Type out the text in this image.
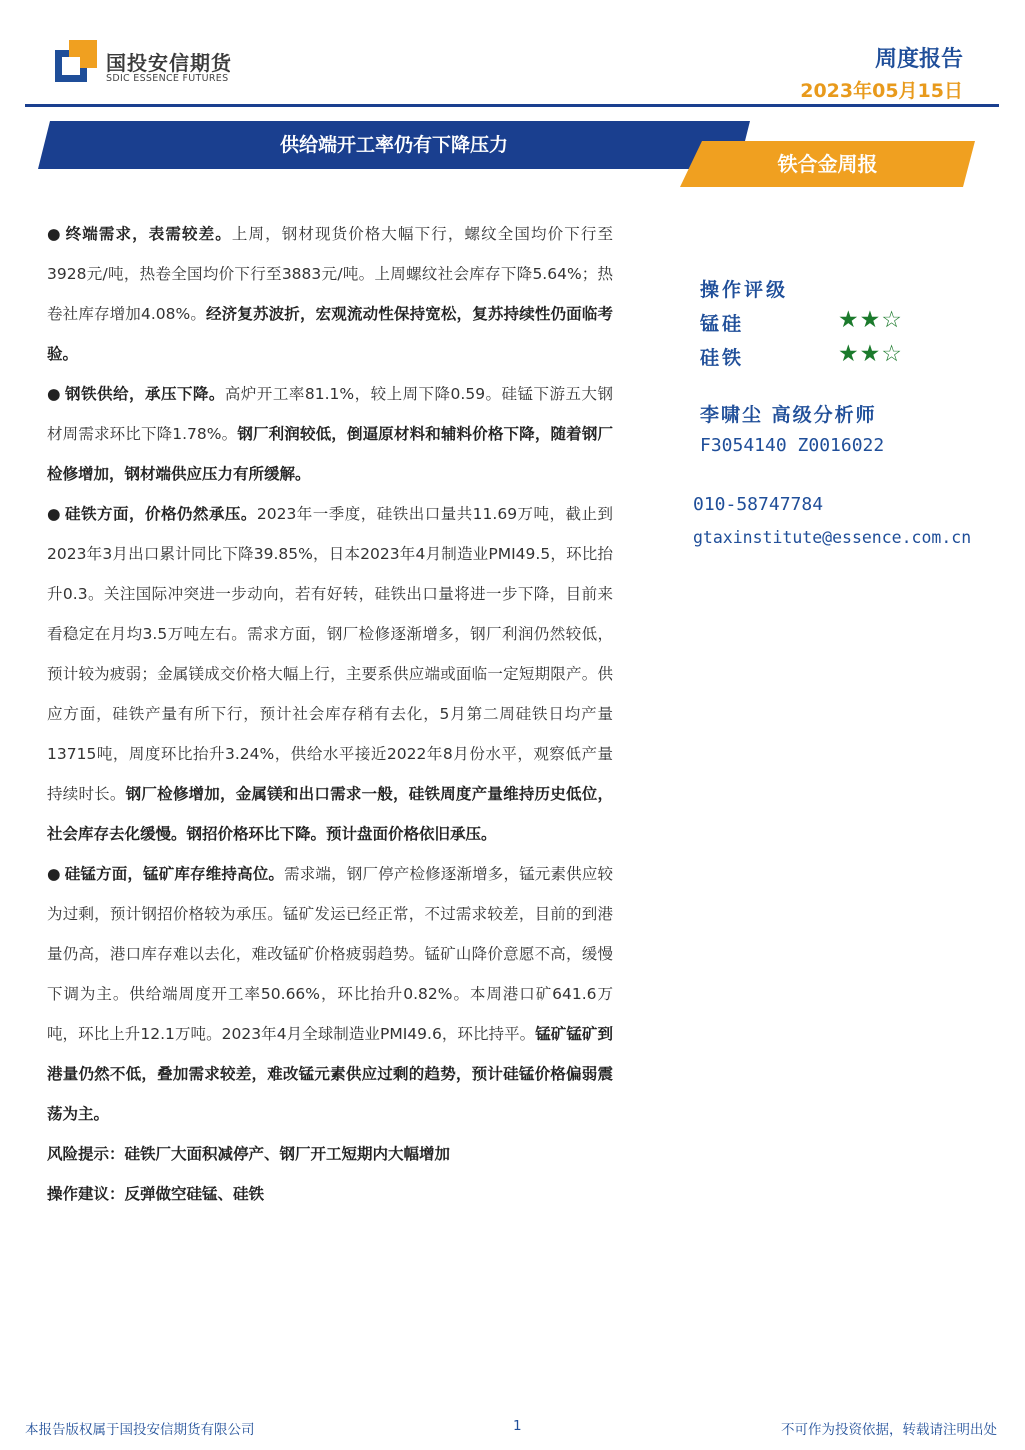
国投安信期货
SDIC ESSENCE FUTURES
周度报告
2023年05月15日
供给端开工率仍有下降压力
铁合金周报

● 终端需求，表需较差。上周，钢材现货价格大幅下行，螺纹全国均价下行至3928元/吨，热卷全国均价下行至3883元/吨。上周螺纹社会库存下降5.64%；热卷社库存增加4.08%。经济复苏波折，宏观流动性保持宽松，复苏持续性仍面临考验。

● 钢铁供给，承压下降。高炉开工率81.1%，较上周下降0.59。硅锰下游五大钢材周需求环比下降1.78%。钢厂利润较低，倒逼原材料和辅料价格下降，随着钢厂检修增加，钢材端供应压力有所缓解。

● 硅铁方面，价格仍然承压。2023年一季度，硅铁出口量共11.69万吨，截止到2023年3月出口累计同比下降39.85%，日本2023年4月制造业PMI49.5，环比抬升0.3。关注国际冲突进一步动向，若有好转，硅铁出口量将进一步下降，目前来看稳定在月均3.5万吨左右。需求方面，钢厂检修逐渐增多，钢厂利润仍然较低，预计较为疲弱；金属镁成交价格大幅上行，主要系供应端或面临一定短期限产。供应方面，硅铁产量有所下行，预计社会库存稍有去化，5月第二周硅铁日均产量13715吨，周度环比抬升3.24%，供给水平接近2022年8月份水平，观察低产量持续时长。钢厂检修增加，金属镁和出口需求一般，硅铁周度产量维持历史低位，社会库存去化缓慢。钢招价格环比下降。预计盘面价格依旧承压。

● 硅锰方面，锰矿库存维持高位。需求端，钢厂停产检修逐渐增多，锰元素供应较为过剩，预计钢招价格较为承压。锰矿发运已经正常，不过需求较差，目前的到港量仍高，港口库存难以去化，难改锰矿价格疲弱趋势。锰矿山降价意愿不高，缓慢下调为主。供给端周度开工率50.66%，环比抬升0.82%。本周港口矿641.6万吨，环比上升12.1万吨。2023年4月全球制造业PMI49.6，环比持平。锰矿锰矿到港量仍然不低，叠加需求较差，难改锰元素供应过剩的趋势，预计硅锰价格偏弱震荡为主。

风险提示：硅铁厂大面积减停产、钢厂开工短期内大幅增加

操作建议：反弹做空硅锰、硅铁

操作评级
锰硅	★★☆
硅铁	★★☆
李啸尘 高级分析师
F3054140 Z0016022
010-58747784
gtaxinstitute@essence.com.cn
本报告版权属于国投安信期货有限公司	1	不可作为投资依据，转载请注明出处
